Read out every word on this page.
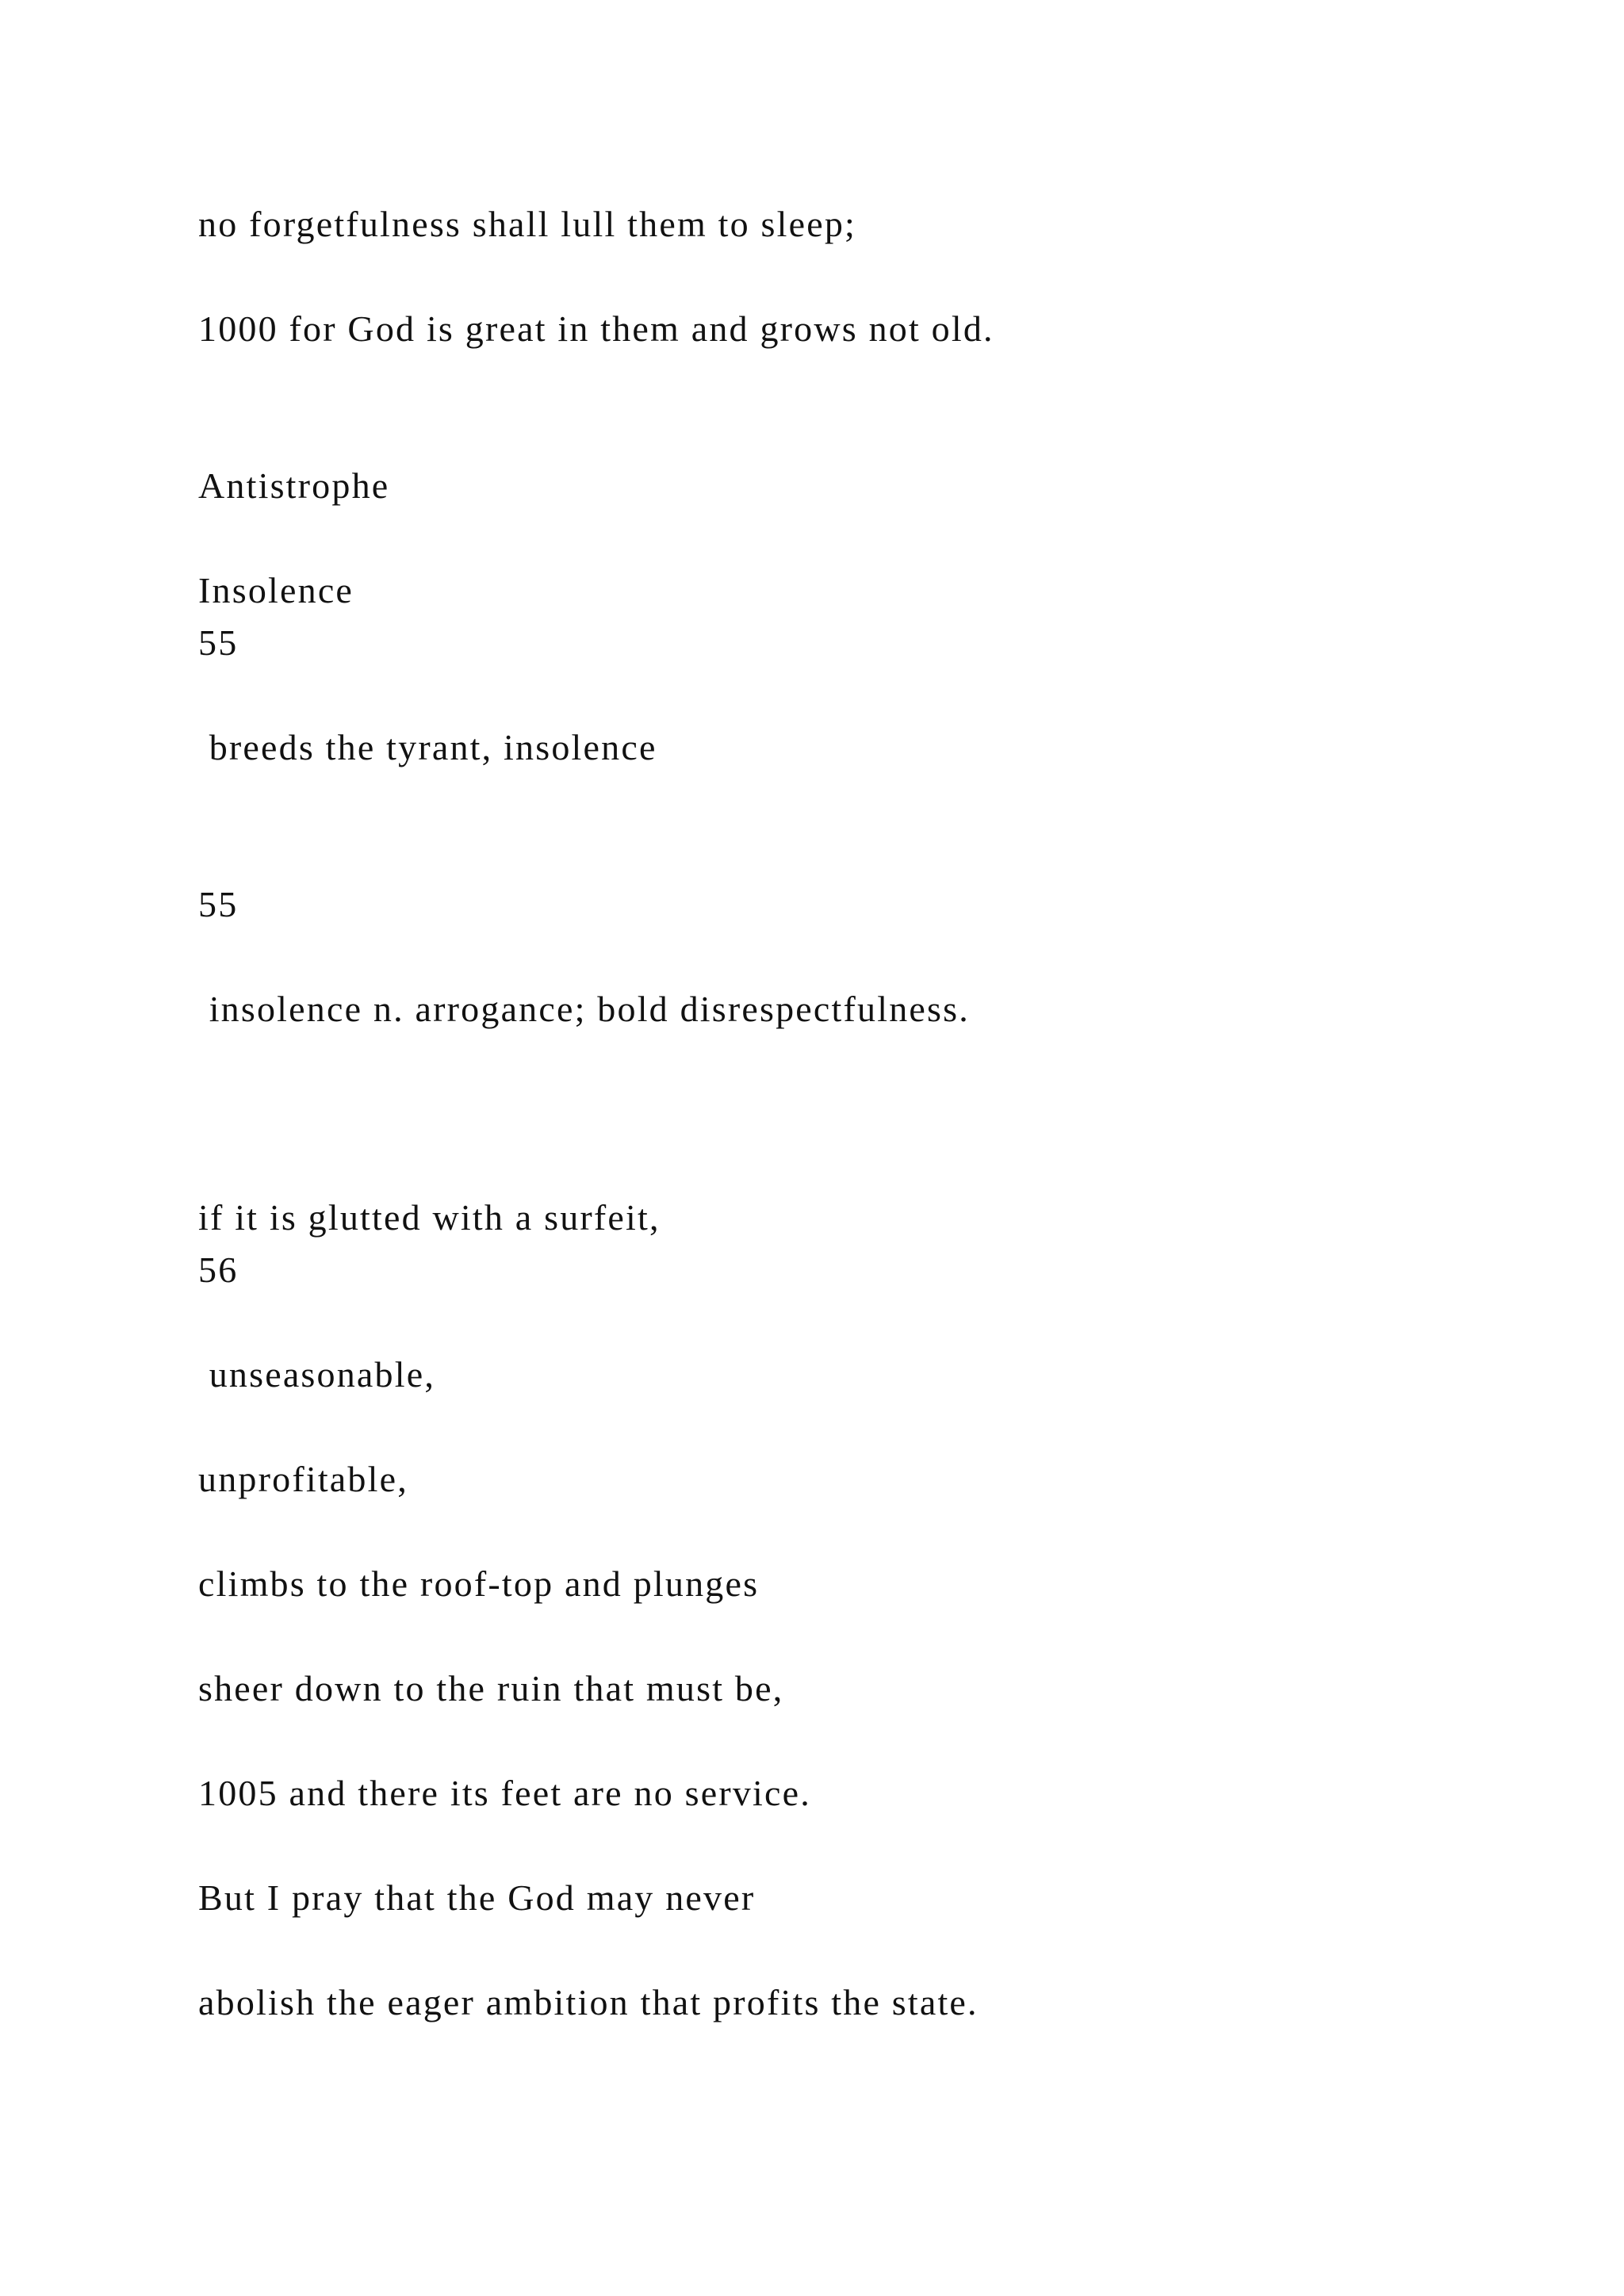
no forgetfulness shall lull them to sleep;

1000 for God is great in them and grows not old.

Antistrophe

Insolence

55

breeds the tyrant, insolence

55

insolence n. arrogance; bold disrespectfulness.

if it is glutted with a surfeit,

56

unseasonable,

unprofitable,

climbs to the roof-top and plunges

sheer down to the ruin that must be,

1005 and there its feet are no service.

But I pray that the God may never

abolish the eager ambition that profits the state.
